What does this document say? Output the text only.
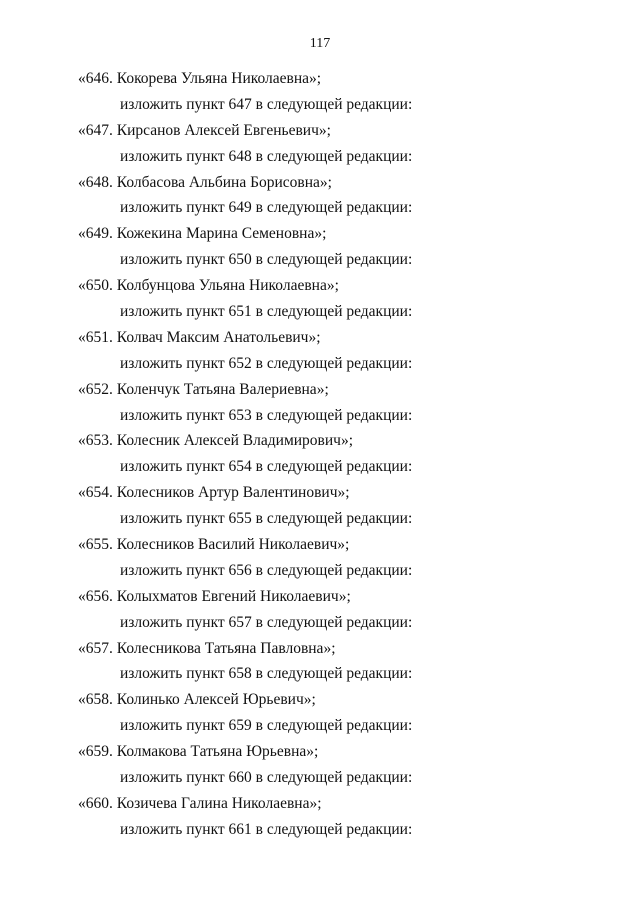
117
«646. Кокорева Ульяна Николаевна»;
изложить пункт 647 в следующей редакции:
«647. Кирсанов Алексей Евгеньевич»;
изложить пункт 648 в следующей редакции:
«648. Колбасова Альбина Борисовна»;
изложить пункт 649 в следующей редакции:
«649. Кожекина Марина Семеновна»;
изложить пункт 650 в следующей редакции:
«650. Колбунцова Ульяна Николаевна»;
изложить пункт 651 в следующей редакции:
«651. Колвач Максим Анатольевич»;
изложить пункт 652 в следующей редакции:
«652. Коленчук Татьяна Валериевна»;
изложить пункт 653 в следующей редакции:
«653. Колесник Алексей Владимирович»;
изложить пункт 654 в следующей редакции:
«654. Колесников Артур Валентинович»;
изложить пункт 655 в следующей редакции:
«655. Колесников Василий Николаевич»;
изложить пункт 656 в следующей редакции:
«656. Колыхматов Евгений Николаевич»;
изложить пункт 657 в следующей редакции:
«657. Колесникова Татьяна Павловна»;
изложить пункт 658 в следующей редакции:
«658. Колинько Алексей Юрьевич»;
изложить пункт 659 в следующей редакции:
«659. Колмакова Татьяна Юрьевна»;
изложить пункт 660 в следующей редакции:
«660. Козичева Галина Николаевна»;
изложить пункт 661 в следующей редакции:
